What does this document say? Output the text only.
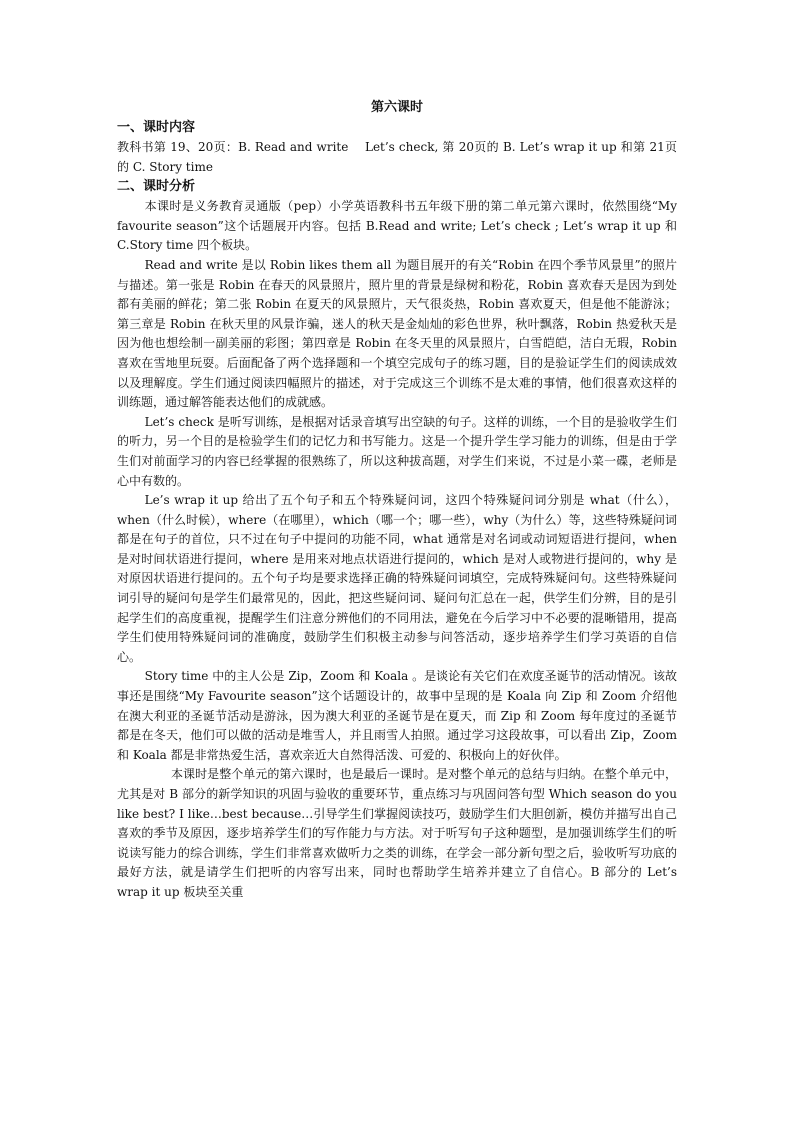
第六课时
一、课时内容

教科书第 19、20页：B. Read and write　 Let’s check, 第 20页的 B. Let’s wrap it up 和第 21页的 C. Story time

二、课时分析

本课时是义务教育灵通版（pep）小学英语教科书五年级下册的第二单元第六课时，依然围绕“My favourite season”这个话题展开内容。包括 B.Read and write; Let’s check ; Let’s wrap it up 和 C.Story time 四个板块。

Read and write 是以 Robin likes them all 为题目展开的有关“Robin 在四个季节风景里”的照片与描述。第一张是 Robin 在春天的风景照片，照片里的背景是绿树和粉花，Robin 喜欢春天是因为到处都有美丽的鲜花；第二张 Robin 在夏天的风景照片，天气很炎热，Robin 喜欢夏天，但是他不能游泳；第三章是 Robin 在秋天里的风景诈骗，迷人的秋天是金灿灿的彩色世界，秋叶飘落，Robin 热爱秋天是因为他也想绘制一副美丽的彩图；第四章是 Robin 在冬天里的风景照片，白雪皑皑，洁白无瑕，Robin 喜欢在雪地里玩耍。后面配备了两个选择题和一个填空完成句子的练习题，目的是验证学生们的阅读成效以及理解度。学生们通过阅读四幅照片的描述，对于完成这三个训练不是太难的事情，他们很喜欢这样的训练题，通过解答能表达他们的成就感。

Let’s check 是听写训练，是根据对话录音填写出空缺的句子。这样的训练，一个目的是验收学生们的听力，另一个目的是检验学生们的记忆力和书写能力。这是一个提升学生学习能力的训练，但是由于学生们对前面学习的内容已经掌握的很熟练了，所以这种拔高题，对学生们来说，不过是小菜一碟，老师是心中有数的。

Le’s wrap it up 给出了五个句子和五个特殊疑问词，这四个特殊疑问词分别是 what（什么），when（什么时候），where（在哪里），which（哪一个；哪一些），why（为什么）等，这些特殊疑问词都是在句子的首位，只不过在句子中提问的功能不同，what 通常是对名词或动词短语进行提问，when 是对时间状语进行提问，where 是用来对地点状语进行提问的，which 是对人或物进行提问的，why 是对原因状语进行提问的。五个句子均是要求选择正确的特殊疑问词填空，完成特殊疑问句。这些特殊疑问词引导的疑问句是学生们最常见的，因此，把这些疑问词、疑问句汇总在一起，供学生们分辨，目的是引起学生们的高度重视，提醒学生们注意分辨他们的不同用法，避免在今后学习中不必要的混晰错用，提高学生们使用特殊疑问词的准确度，鼓励学生们积极主动参与问答活动，逐步培养学生们学习英语的自信心。

Story time 中的主人公是 Zip，Zoom 和 Koala 。是谈论有关它们在欢度圣诞节的活动情况。该故事还是围绕“My Favourite season”这个话题设计的，故事中呈现的是 Koala 向 Zip 和 Zoom 介绍他在澳大利亚的圣诞节活动是游泳，因为澳大利亚的圣诞节是在夏天，而 Zip 和 Zoom 每年度过的圣诞节都是在冬天，他们可以做的活动是堆雪人，并且雨雪人拍照。通过学习这段故事，可以看出 Zip，Zoom 和 Koala 都是非常热爱生活，喜欢亲近大自然得活泼、可爱的、积极向上的好伙伴。

本课时是整个单元的第六课时，也是最后一课时。是对整个单元的总结与归纳。在整个单元中，尤其是对 B 部分的新学知识的巩固与验收的重要环节，重点练习与巩固问答句型 Which season do you like best? I like…best because…引导学生们掌握阅读技巧，鼓励学生们大胆创新，模仿并描写出自己喜欢的季节及原因，逐步培养学生们的写作能力与方法。对于听写句子这种题型，是加强训练学生们的听说读写能力的综合训练，学生们非常喜欢做听力之类的训练，在学会一部分新句型之后，验收听写功底的最好方法，就是请学生们把听的内容写出来，同时也帮助学生培养并建立了自信心。B 部分的 Let’s wrap it up 板块至关重
